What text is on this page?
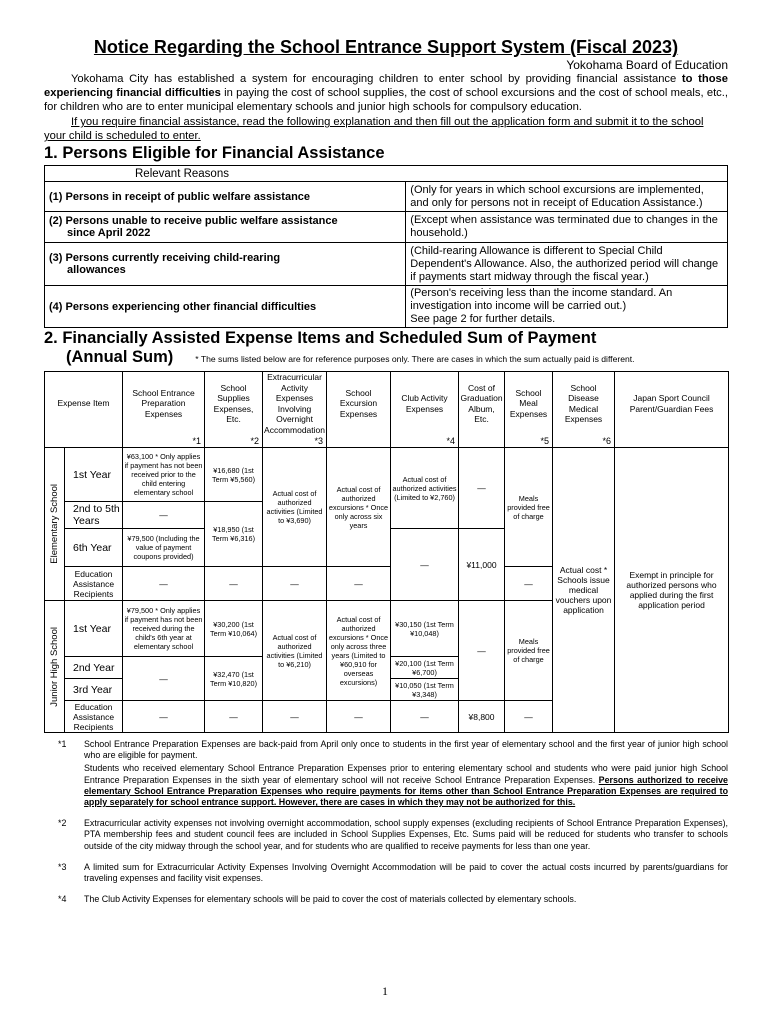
Notice Regarding the School Entrance Support System (Fiscal 2023)
Yokohama Board of Education
Yokohama City has established a system for encouraging children to enter school by providing financial assistance to those experiencing financial difficulties in paying the cost of school supplies, the cost of school excursions and the cost of school meals, etc., for children who are to enter municipal elementary schools and junior high schools for compulsory education.
If you require financial assistance, read the following explanation and then fill out the application form and submit it to the school your child is scheduled to enter.
1. Persons Eligible for Financial Assistance
Relevant Reasons	
(1) Persons in receipt of public welfare assistance	(Only for years in which school excursions are implemented, and only for persons not in receipt of Education Assistance.)
(2) Persons unable to receive public welfare assistance
since April 2022	(Except when assistance was terminated due to changes in the household.)
(3) Persons currently receiving child-rearing
allowances	(Child-rearing Allowance is different to Special Child Dependent's Allowance. Also, the authorized period will change if payments start midway through the fiscal year.)
(4) Persons experiencing other financial difficulties	(Person's receiving less than the income standard. An investigation into income will be carried out.)
See page 2 for further details.
2. Financially Assisted Expense Items and Scheduled Sum of Payment
(Annual Sum)	* The sums listed below are for reference purposes only. There are cases in which the sum actually paid is different.
Expense Item		School Entrance Preparation Expenses	School Supplies Expenses, Etc.	Extracurricular Activity Expenses Involving Overnight Accommodation	School Excursion Expenses	Club Activity Expenses	Cost of Graduation Album, Etc.	School Meal Expenses	School Disease Medical Expenses	Japan Sport Council Parent/Guardian Fees
		*1	*2	*3		*4		*5	*6	

Elementary School	1st Year	¥63,100 * Only applies if payment has not been received prior to the child entering elementary school	¥16,680 (1st Term ¥5,560)	Actual cost of authorized activities (Limited to ¥3,690)	Actual cost of authorized excursions * Once only across six years	Actual cost of authorized activities (Limited to ¥2,760)	—	Meals provided free of charge	Actual cost * Schools issue medical vouchers upon application	Exempt in principle for authorized persons who applied during the first application period
	2nd to 5th Years	—	¥18,950 (1st Term ¥6,316)							
	6th Year	¥79,500 (Including the value of payment coupons provided)				—	¥11,000			
	Education Assistance Recipients	—	—	—	—			—		

Junior High School	1st Year	¥79,500 * Only applies if payment has not been received during the child's 6th year at elementary school	¥30,200 (1st Term ¥10,064)	Actual cost of authorized activities (Limited to ¥6,210)	Actual cost of authorized excursions * Once only across three years (Limited to ¥60,910 for overseas excursions)	¥30,150 (1st Term ¥10,048)	—	Meals provided free of charge		
	2nd Year	—	¥32,470 (1st Term ¥10,820)			¥20,100 (1st Term ¥6,700)				
	3rd Year					¥10,050 (1st Term ¥3,348)				
	Education Assistance Recipients	—	—	—	—	—	¥8,800	—		
*1	School Entrance Preparation Expenses are back-paid from April only once to students in the first year of elementary school and the first year of junior high school who are eligible for payment.

Students who received elementary School Entrance Preparation Expenses prior to entering elementary school and students who were paid junior high School Entrance Preparation Expenses in the sixth year of elementary school will not receive School Entrance Preparation Expenses. Persons authorized to receive elementary School Entrance Preparation Expenses who require payments for items other than School Entrance Preparation Expenses are required to apply separately for school entrance support. However, there are cases in which they may not be authorized for this.

*2	Extracurricular activity expenses not involving overnight accommodation, school supply expenses (excluding recipients of School Entrance Preparation Expenses), PTA membership fees and student council fees are included in School Supplies Expenses, Etc. Sums paid will be reduced for students who transfer to schools outside of the city midway through the school year, and for students who are qualified to receive payments for less than one year.

*3	A limited sum for Extracurricular Activity Expenses Involving Overnight Accommodation will be paid to cover the actual costs incurred by parents/guardians for traveling expenses and facility visit expenses.

*4	The Club Activity Expenses for elementary schools will be paid to cover the cost of materials collected by elementary schools.

1
